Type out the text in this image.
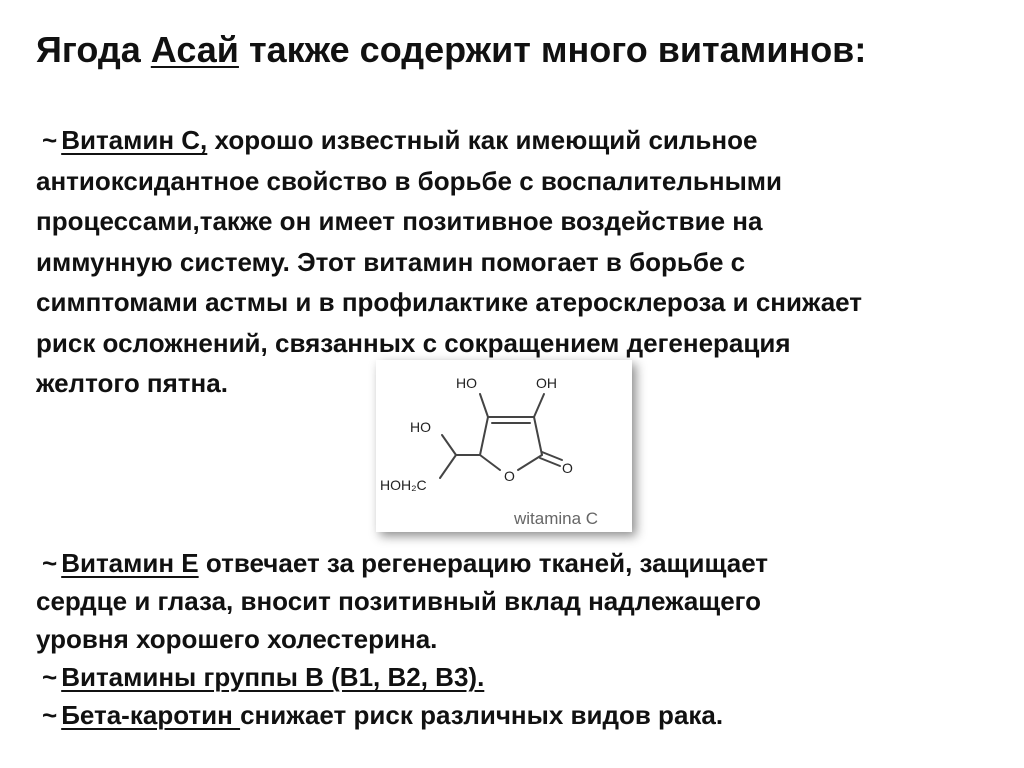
Ягода Асай также содержит много витаминов:
~ Витамин С, хорошо известный как имеющий сильное
антиоксидантное свойство в борьбе с воспалительными
процессами,также он имеет позитивное воздействие на
иммунную систему. Этот витамин помогает в борьбе с
симптомами астмы и в профилактике атеросклероза и снижает
риск осложнений, связанных с сокращением дегенерация
желтого пятна.	HO	OH
HO
HOH₂C
O	O
witamina C
~ Витамин Е отвечает за регенерацию тканей, защищает
сердце и глаза, вносит позитивный вклад надлежащего
уровня хорошего холестерина.
~ Витамины группы В (В1, В2, В3).
~ Бета-каротин снижает риск различных видов рака.
